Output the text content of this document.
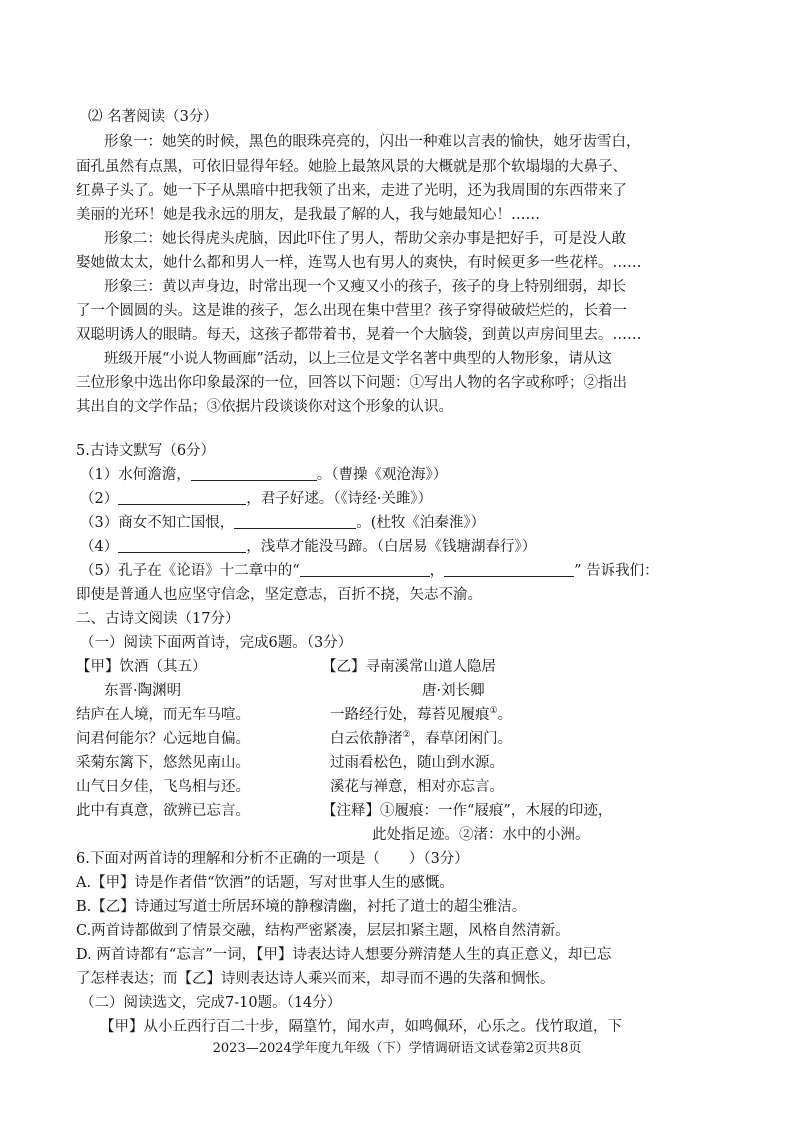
⑵ 名著阅读（3分）
形象一：她笑的时候，黑色的眼珠亮亮的，闪出一种难以言表的愉快，她牙齿雪白，
面孔虽然有点黑，可依旧显得年轻。她脸上最煞风景的大概就是那个软塌塌的大鼻子、
红鼻子头了。她一下子从黑暗中把我领了出来，走进了光明，还为我周围的东西带来了
美丽的光环！她是我永远的朋友，是我最了解的人，我与她最知心！……
形象二：她长得虎头虎脑，因此吓住了男人，帮助父亲办事是把好手，可是没人敢
娶她做太太，她什么都和男人一样，连骂人也有男人的爽快，有时候更多一些花样。……
形象三：黄以声身边，时常出现一个又瘦又小的孩子，孩子的身上特别细弱，却长
了一个圆圆的头。这是谁的孩子，怎么出现在集中营里？孩子穿得破破烂烂的，长着一
双聪明诱人的眼睛。每天，这孩子都带着书，晃着一个大脑袋，到黄以声房间里去。……
班级开展“小说人物画廊”活动，以上三位是文学名著中典型的人物形象，请从这
三位形象中选出你印象最深的一位，回答以下问题：①写出人物的名字或称呼；②指出
其出自的文学作品；③依据片段谈谈你对这个形象的认识。
5.古诗文默写（6分）
（1）水何澹澹，	。（曹操《观沧海》）
（2）	，君子好逑。（《诗经·关雎》）
（3）商女不知亡国恨，	。(杜牧《泊秦淮》）
（4）	，浅草才能没马蹄。（白居易《钱塘湖春行》）
（5）孔子在《论语》十二章中的“	，	” 告诉我们：
即使是普通人也应坚守信念，坚定意志，百折不挠，矢志不渝。
二、古诗文阅读（17分）
（一）阅读下面两首诗，完成6题。（3分）
【甲】饮酒（其五）
东晋·陶渊明
结庐在人境，而无车马喧。
问君何能尔？心远地自偏。
采菊东篱下，悠然见南山。
山气日夕佳，飞鸟相与还。
此中有真意，欲辨已忘言。
【乙】寻南溪常山道人隐居
唐·刘长卿
一路经行处，莓苔见履痕①。
白云依静渚②，春草闭闲门。
过雨看松色，随山到水源。
溪花与禅意，相对亦忘言。
【注释】①履痕：一作“屐痕”，木屐的印迹，
此处指足迹。②渚：水中的小洲。
6.下面对两首诗的理解和分析不正确的一项是（　　）（3分）
A.【甲】诗是作者借“饮酒”的话题，写对世事人生的感慨。
B.【乙】诗通过写道士所居环境的静穆清幽，衬托了道士的超尘雅洁。
C.两首诗都做到了情景交融，结构严密紧凑，层层扣紧主题，风格自然清新。
D. 两首诗都有“忘言”一词，【甲】诗表达诗人想要分辨清楚人生的真正意义，却已忘
了怎样表达；而【乙】诗则表达诗人乘兴而来，却寻而不遇的失落和惆怅。
（二）阅读选文，完成7-10题。（14分）
【甲】从小丘西行百二十步，隔篁竹，闻水声，如鸣佩环，心乐之。伐竹取道，下
2023—2024学年度九年级（下）学情调研语文试卷第2页共8页
